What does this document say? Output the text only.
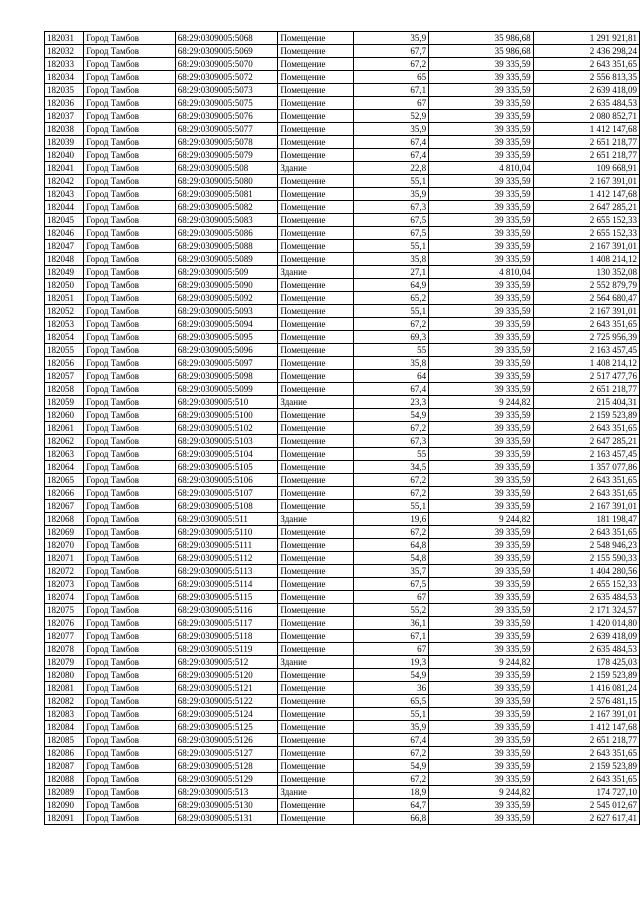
182031	Город Тамбов	68:29:0309005:5068	Помещение	35,9	35 986,68	1 291 921,81
182032	Город Тамбов	68:29:0309005:5069	Помещение	67,7	35 986,68	2 436 298,24
182033	Город Тамбов	68:29:0309005:5070	Помещение	67,2	39 335,59	2 643 351,65
182034	Город Тамбов	68:29:0309005:5072	Помещение	65	39 335,59	2 556 813,35
182035	Город Тамбов	68:29:0309005:5073	Помещение	67,1	39 335,59	2 639 418,09
182036	Город Тамбов	68:29:0309005:5075	Помещение	67	39 335,59	2 635 484,53
182037	Город Тамбов	68:29:0309005:5076	Помещение	52,9	39 335,59	2 080 852,71
182038	Город Тамбов	68:29:0309005:5077	Помещение	35,9	39 335,59	1 412 147,68
182039	Город Тамбов	68:29:0309005:5078	Помещение	67,4	39 335,59	2 651 218,77
182040	Город Тамбов	68:29:0309005:5079	Помещение	67,4	39 335,59	2 651 218,77
182041	Город Тамбов	68:29:0309005:508	Здание	22,8	4 810,04	109 668,91
182042	Город Тамбов	68:29:0309005:5080	Помещение	55,1	39 335,59	2 167 391,01
182043	Город Тамбов	68:29:0309005:5081	Помещение	35,9	39 335,59	1 412 147,68
182044	Город Тамбов	68:29:0309005:5082	Помещение	67,3	39 335,59	2 647 285,21
182045	Город Тамбов	68:29:0309005:5083	Помещение	67,5	39 335,59	2 655 152,33
182046	Город Тамбов	68:29:0309005:5086	Помещение	67,5	39 335,59	2 655 152,33
182047	Город Тамбов	68:29:0309005:5088	Помещение	55,1	39 335,59	2 167 391,01
182048	Город Тамбов	68:29:0309005:5089	Помещение	35,8	39 335,59	1 408 214,12
182049	Город Тамбов	68:29:0309005:509	Здание	27,1	4 810,04	130 352,08
182050	Город Тамбов	68:29:0309005:5090	Помещение	64,9	39 335,59	2 552 879,79
182051	Город Тамбов	68:29:0309005:5092	Помещение	65,2	39 335,59	2 564 680,47
182052	Город Тамбов	68:29:0309005:5093	Помещение	55,1	39 335,59	2 167 391,01
182053	Город Тамбов	68:29:0309005:5094	Помещение	67,2	39 335,59	2 643 351,65
182054	Город Тамбов	68:29:0309005:5095	Помещение	69,3	39 335,59	2 725 956,39
182055	Город Тамбов	68:29:0309005:5096	Помещение	55	39 335,59	2 163 457,45
182056	Город Тамбов	68:29:0309005:5097	Помещение	35,8	39 335,59	1 408 214,12
182057	Город Тамбов	68:29:0309005:5098	Помещение	64	39 335,59	2 517 477,76
182058	Город Тамбов	68:29:0309005:5099	Помещение	67,4	39 335,59	2 651 218,77
182059	Город Тамбов	68:29:0309005:510	Здание	23,3	9 244,82	215 404,31
182060	Город Тамбов	68:29:0309005:5100	Помещение	54,9	39 335,59	2 159 523,89
182061	Город Тамбов	68:29:0309005:5102	Помещение	67,2	39 335,59	2 643 351,65
182062	Город Тамбов	68:29:0309005:5103	Помещение	67,3	39 335,59	2 647 285,21
182063	Город Тамбов	68:29:0309005:5104	Помещение	55	39 335,59	2 163 457,45
182064	Город Тамбов	68:29:0309005:5105	Помещение	34,5	39 335,59	1 357 077,86
182065	Город Тамбов	68:29:0309005:5106	Помещение	67,2	39 335,59	2 643 351,65
182066	Город Тамбов	68:29:0309005:5107	Помещение	67,2	39 335,59	2 643 351,65
182067	Город Тамбов	68:29:0309005:5108	Помещение	55,1	39 335,59	2 167 391,01
182068	Город Тамбов	68:29:0309005:511	Здание	19,6	9 244,82	181 198,47
182069	Город Тамбов	68:29:0309005:5110	Помещение	67,2	39 335,59	2 643 351,65
182070	Город Тамбов	68:29:0309005:5111	Помещение	64,8	39 335,59	2 548 946,23
182071	Город Тамбов	68:29:0309005:5112	Помещение	54,8	39 335,59	2 155 590,33
182072	Город Тамбов	68:29:0309005:5113	Помещение	35,7	39 335,59	1 404 280,56
182073	Город Тамбов	68:29:0309005:5114	Помещение	67,5	39 335,59	2 655 152,33
182074	Город Тамбов	68:29:0309005:5115	Помещение	67	39 335,59	2 635 484,53
182075	Город Тамбов	68:29:0309005:5116	Помещение	55,2	39 335,59	2 171 324,57
182076	Город Тамбов	68:29:0309005:5117	Помещение	36,1	39 335,59	1 420 014,80
182077	Город Тамбов	68:29:0309005:5118	Помещение	67,1	39 335,59	2 639 418,09
182078	Город Тамбов	68:29:0309005:5119	Помещение	67	39 335,59	2 635 484,53
182079	Город Тамбов	68:29:0309005:512	Здание	19,3	9 244,82	178 425,03
182080	Город Тамбов	68:29:0309005:5120	Помещение	54,9	39 335,59	2 159 523,89
182081	Город Тамбов	68:29:0309005:5121	Помещение	36	39 335,59	1 416 081,24
182082	Город Тамбов	68:29:0309005:5122	Помещение	65,5	39 335,59	2 576 481,15
182083	Город Тамбов	68:29:0309005:5124	Помещение	55,1	39 335,59	2 167 391,01
182084	Город Тамбов	68:29:0309005:5125	Помещение	35,9	39 335,59	1 412 147,68
182085	Город Тамбов	68:29:0309005:5126	Помещение	67,4	39 335,59	2 651 218,77
182086	Город Тамбов	68:29:0309005:5127	Помещение	67,2	39 335,59	2 643 351,65
182087	Город Тамбов	68:29:0309005:5128	Помещение	54,9	39 335,59	2 159 523,89
182088	Город Тамбов	68:29:0309005:5129	Помещение	67,2	39 335,59	2 643 351,65
182089	Город Тамбов	68:29:0309005:513	Здание	18,9	9 244,82	174 727,10
182090	Город Тамбов	68:29:0309005:5130	Помещение	64,7	39 335,59	2 545 012,67
182091	Город Тамбов	68:29:0309005:5131	Помещение	66,8	39 335,59	2 627 617,41
